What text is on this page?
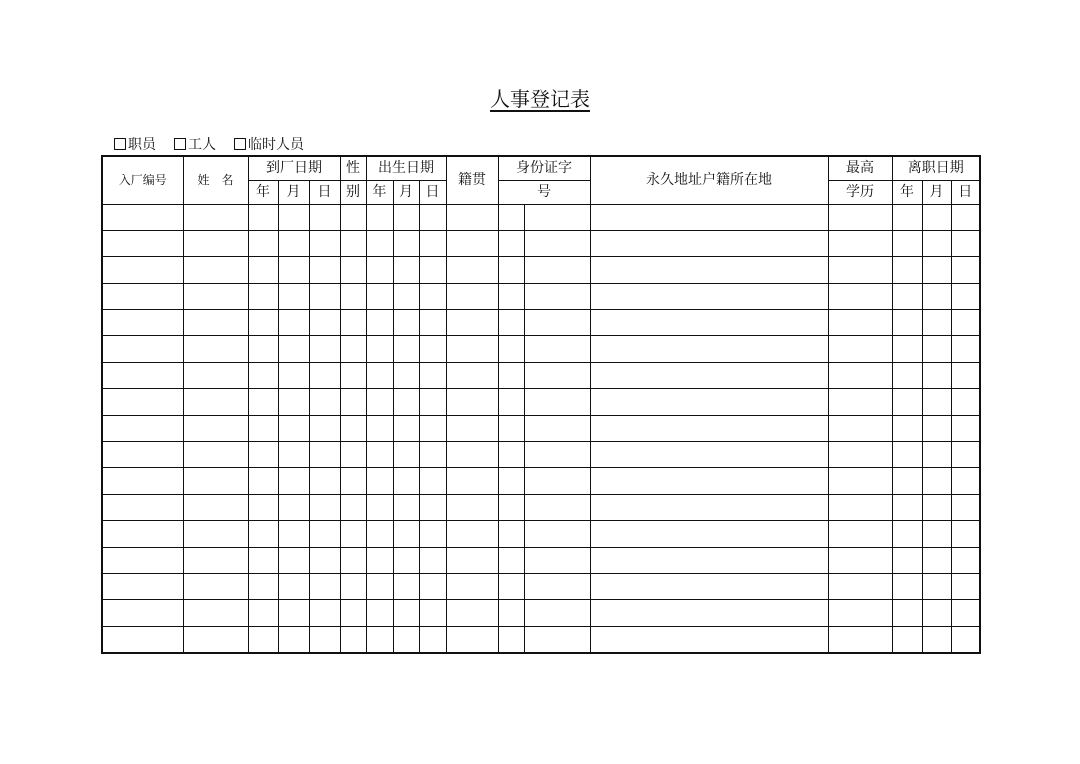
人事登记表
职员 工人 临时人员
入厂编号	姓　名	到厂日期			性	出生日期			籍贯	身份证字		永久地址户籍所在地	最高	离职日期		
		年	月	日	别	年	月	日		号			学历	年	月	日
